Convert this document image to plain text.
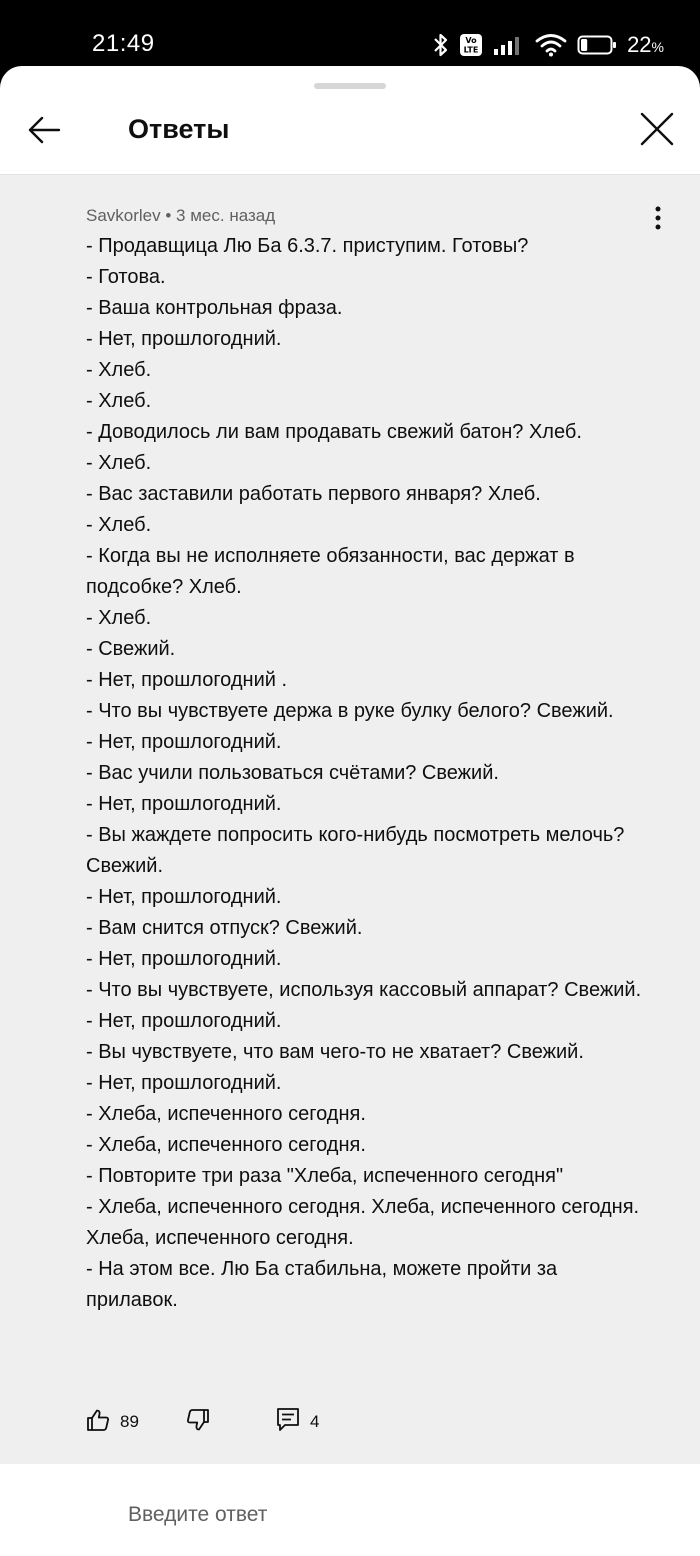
21:49	Vo
LTE	22%
Ответы
Savkorlev • 3 мес. назад
- Продавщица Лю Ба 6.3.7. приступим. Готовы?
- Готова.
- Ваша контрольная фраза.
- Нет, прошлогодний.
- Хлеб.
- Хлеб.
- Доводилось ли вам продавать свежий батон? Хлеб.
- Хлеб.
- Вас заставили работать первого января? Хлеб.
- Хлеб.
- Когда вы не исполняете обязанности, вас держат в подсобке? Хлеб.
- Хлеб.
- Свежий.
- Нет, прошлогодний .
- Что вы чувствуете держа в руке булку белого? Свежий.
- Нет, прошлогодний.
- Вас учили пользоваться счётами? Свежий.
- Нет, прошлогодний.
- Вы жаждете попросить кого-нибудь посмотреть мелочь? Свежий.
- Нет, прошлогодний.
- Вам снится отпуск? Свежий.
- Нет, прошлогодний.
- Что вы чувствуете, используя кассовый аппарат? Свежий.
- Нет, прошлогодний.
- Вы чувствуете, что вам чего-то не хватает? Свежий.
- Нет, прошлогодний.
- Хлеба, испеченного сегодня.
- Хлеба, испеченного сегодня.
- Повторите три раза "Хлеба, испеченного сегодня"
- Хлеба, испеченного сегодня. Хлеба, испеченного сегодня. Хлеба, испеченного сегодня.
- На этом все. Лю Ба стабильна, можете пройти за прилавок.
89	4
Введите ответ
